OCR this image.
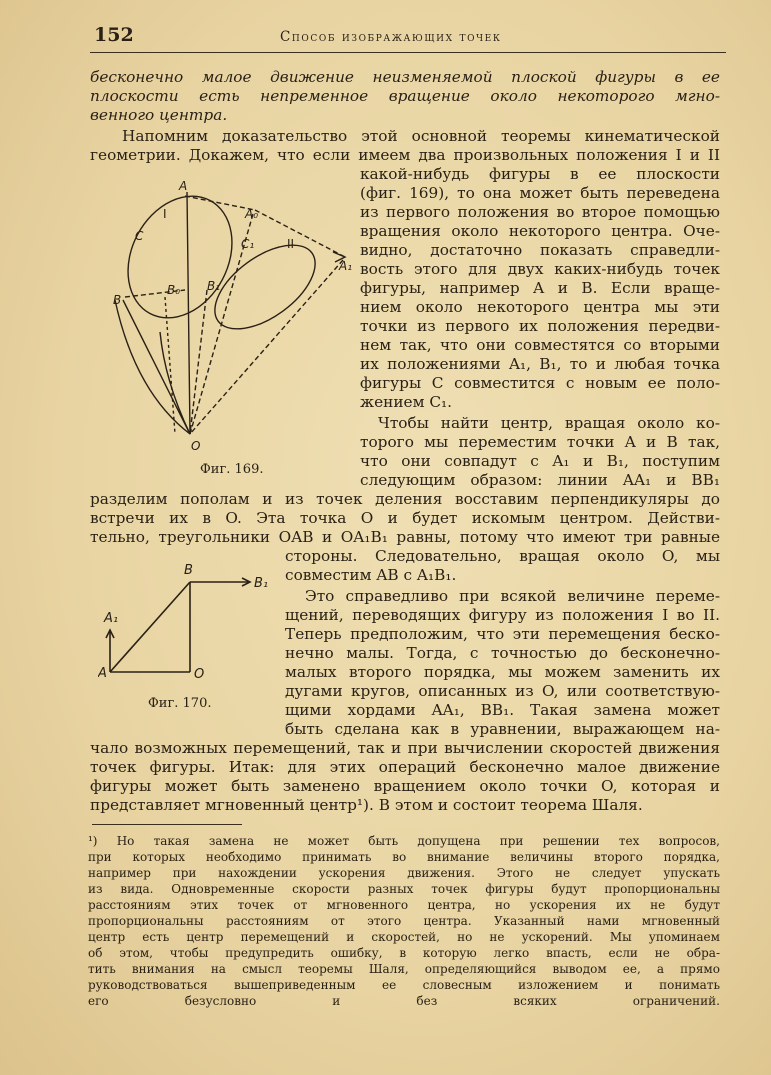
152	Способ изображающих точек
бесконечно малое движение неизменяемой плоской фигуры в ее
плоскости есть непременное вращение около некоторого мгно-
венного центра.
Напомним доказательство этой основной теоремы кинематической
геометрии. Докажем, что если имеем два произвольных положения I и II
какой-нибудь фигуры в ее плоскости
(фиг. 169), то она может быть переведена
из первого положения во второе помощью
вращения около некоторого центра. Оче-
видно, достаточно показать справедли-
вость этого для двух каких-нибудь точек
фигуры, например A и B. Если враще-
нием около некоторого центра мы эти
точки из первого их положения передви-
нем так, что они совместятся со вторыми
их положениями A₁, B₁, то и любая точка
фигуры C совместится с новым ее поло-
жением C₁.
Чтобы найти центр, вращая около ко-
торого мы переместим точки A и B так,
что они совпадут с A₁ и B₁, поступим
следующим образом: линии AA₁ и BB₁
разделим пополам и из точек деления восставим перпендикуляры до
встречи их в O. Эта точка O и будет искомым центром. Действи-
тельно, треугольники OAB и OA₁B₁ равны, потому что имеют три равные
стороны. Следовательно, вращая около O, мы
совместим AB с A₁B₁.
Это справедливо при всякой величине переме-
щений, переводящих фигуру из положения I во II.
Теперь предположим, что эти перемещения беско-
нечно малы. Тогда, с точностью до бесконечно-
малых второго порядка, мы можем заменить их
дугами кругов, описанных из O, или соответствую-
щими хордами AA₁, BB₁. Такая замена может
быть сделана как в уравнении, выражающем на-
чало возможных перемещений, так и при вычислении скоростей движения
точек фигуры. Итак: для этих операций бесконечно малое движение
фигуры может быть заменено вращением около точки O, которая и
представляет мгновенный центр¹). В этом и состоит теорема Шаля.
A
A₀
A₁
B
B₀ B₁
C
C₁
I
II
O
Фиг. 169.
B
B₁
A₁
A	O
Фиг. 170.
¹) Но такая замена не может быть допущена при решении тех вопросов,
при которых необходимо принимать во внимание величины второго порядка,
например при нахождении ускорения движения. Этого не следует упускать
из вида. Одновременные скорости разных точек фигуры будут пропорциональны
расстояниям этих точек от мгновенного центра, но ускорения их не будут
пропорциональны расстояниям от этого центра. Указанный нами мгновенный
центр есть центр перемещений и скоростей, но не ускорений. Мы упоминаем
об этом, чтобы предупредить ошибку, в которую легко впасть, если не обра-
тить внимания на смысл теоремы Шаля, определяющийся выводом ее, а прямо
руководствоваться вышеприведенным ее словесным изложением и понимать
его безусловно и без всяких ограничений.
